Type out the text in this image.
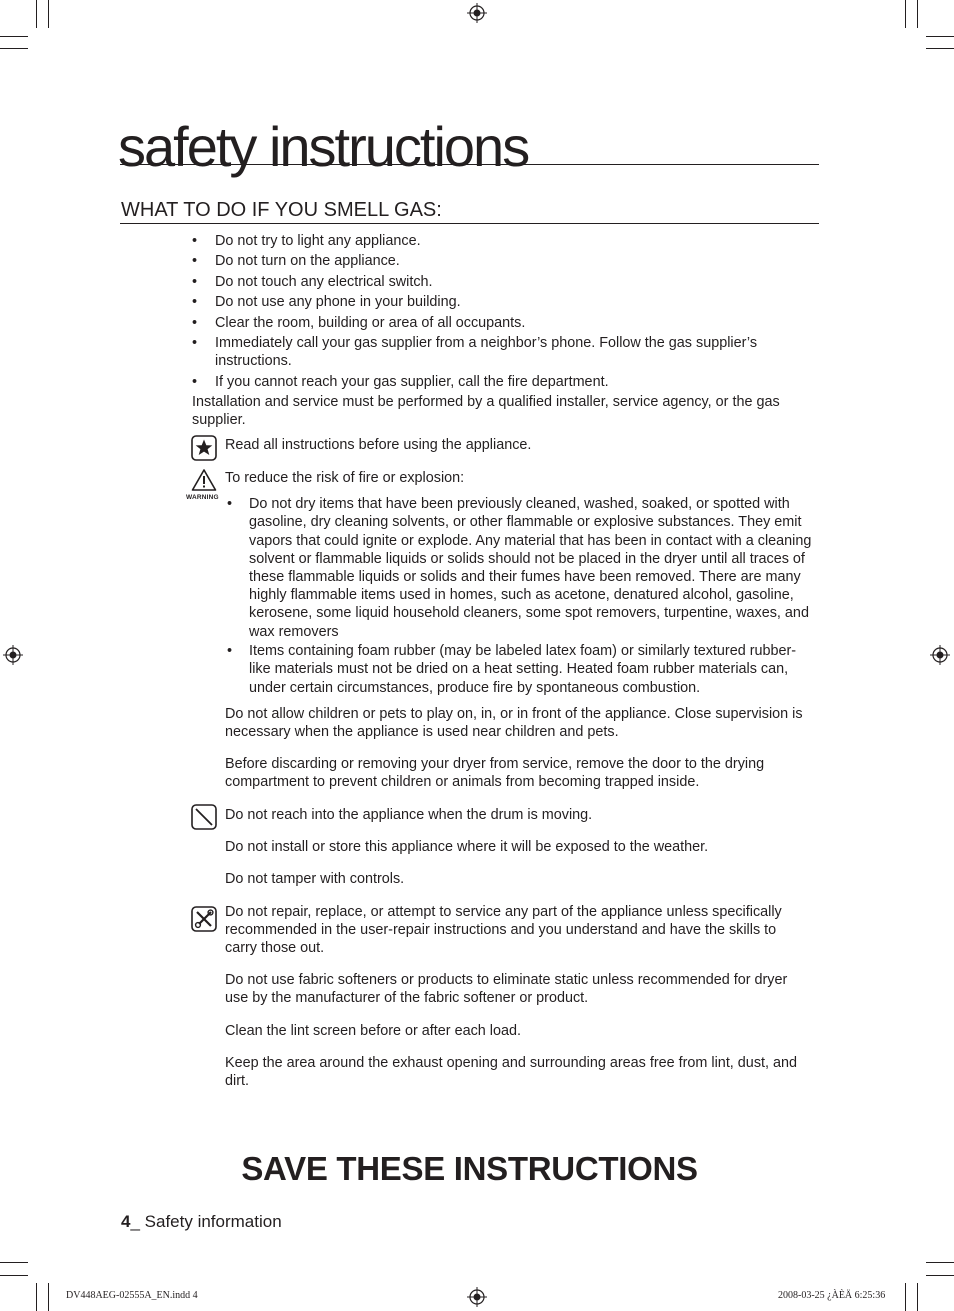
safety instructions
WHAT TO DO IF YOU SMELL GAS:
• Do not try to light any appliance.
• Do not turn on the appliance.
• Do not touch any electrical switch.
• Do not use any phone in your building.
• Clear the room, building or area of all occupants.
• Immediately call your gas supplier from a neighbor’s phone. Follow the gas supplier’s instructions.
• If you cannot reach your gas supplier, call the fire department.
Installation and service must be performed by a qualified installer, service agency, or the gas supplier.
Read all instructions before using the appliance.
WARNING
To reduce the risk of fire or explosion:
• Do not dry items that have been previously cleaned, washed, soaked, or spotted with gasoline, dry cleaning solvents, or other flammable or explosive substances. They emit vapors that could ignite or explode. Any material that has been in contact with a cleaning solvent or flammable liquids or solids should not be placed in the dryer until all traces of these flammable liquids or solids and their fumes have been removed. There are many highly flammable items used in homes, such as acetone, denatured alcohol, gasoline, kerosene, some liquid household cleaners, some spot removers, turpentine, waxes, and wax removers
• Items containing foam rubber (may be labeled latex foam) or similarly textured rubber-like materials must not be dried on a heat setting. Heated foam rubber materials can, under certain circumstances, produce fire by spontaneous combustion.
Do not allow children or pets to play on, in, or in front of the appliance. Close supervision is necessary when the appliance is used near children and pets.
Before discarding or removing your dryer from service, remove the door to the drying compartment to prevent children or animals from becoming trapped inside.
Do not reach into the appliance when the drum is moving.
Do not install or store this appliance where it will be exposed to the weather.
Do not tamper with controls.
Do not repair, replace, or attempt to service any part of the appliance unless specifically recommended in the user-repair instructions and you understand and have the skills to carry those out.
Do not use fabric softeners or products to eliminate static unless recommended for dryer use by the manufacturer of the fabric softener or product.
Clean the lint screen before or after each load.
Keep the area around the exhaust opening and surrounding areas free from lint, dust, and dirt.
SAVE THESE INSTRUCTIONS
4_ Safety information
DV448AEG-02555A_EN.indd 4	2008-03-25 ¿ÀÈÄ 6:25:36
